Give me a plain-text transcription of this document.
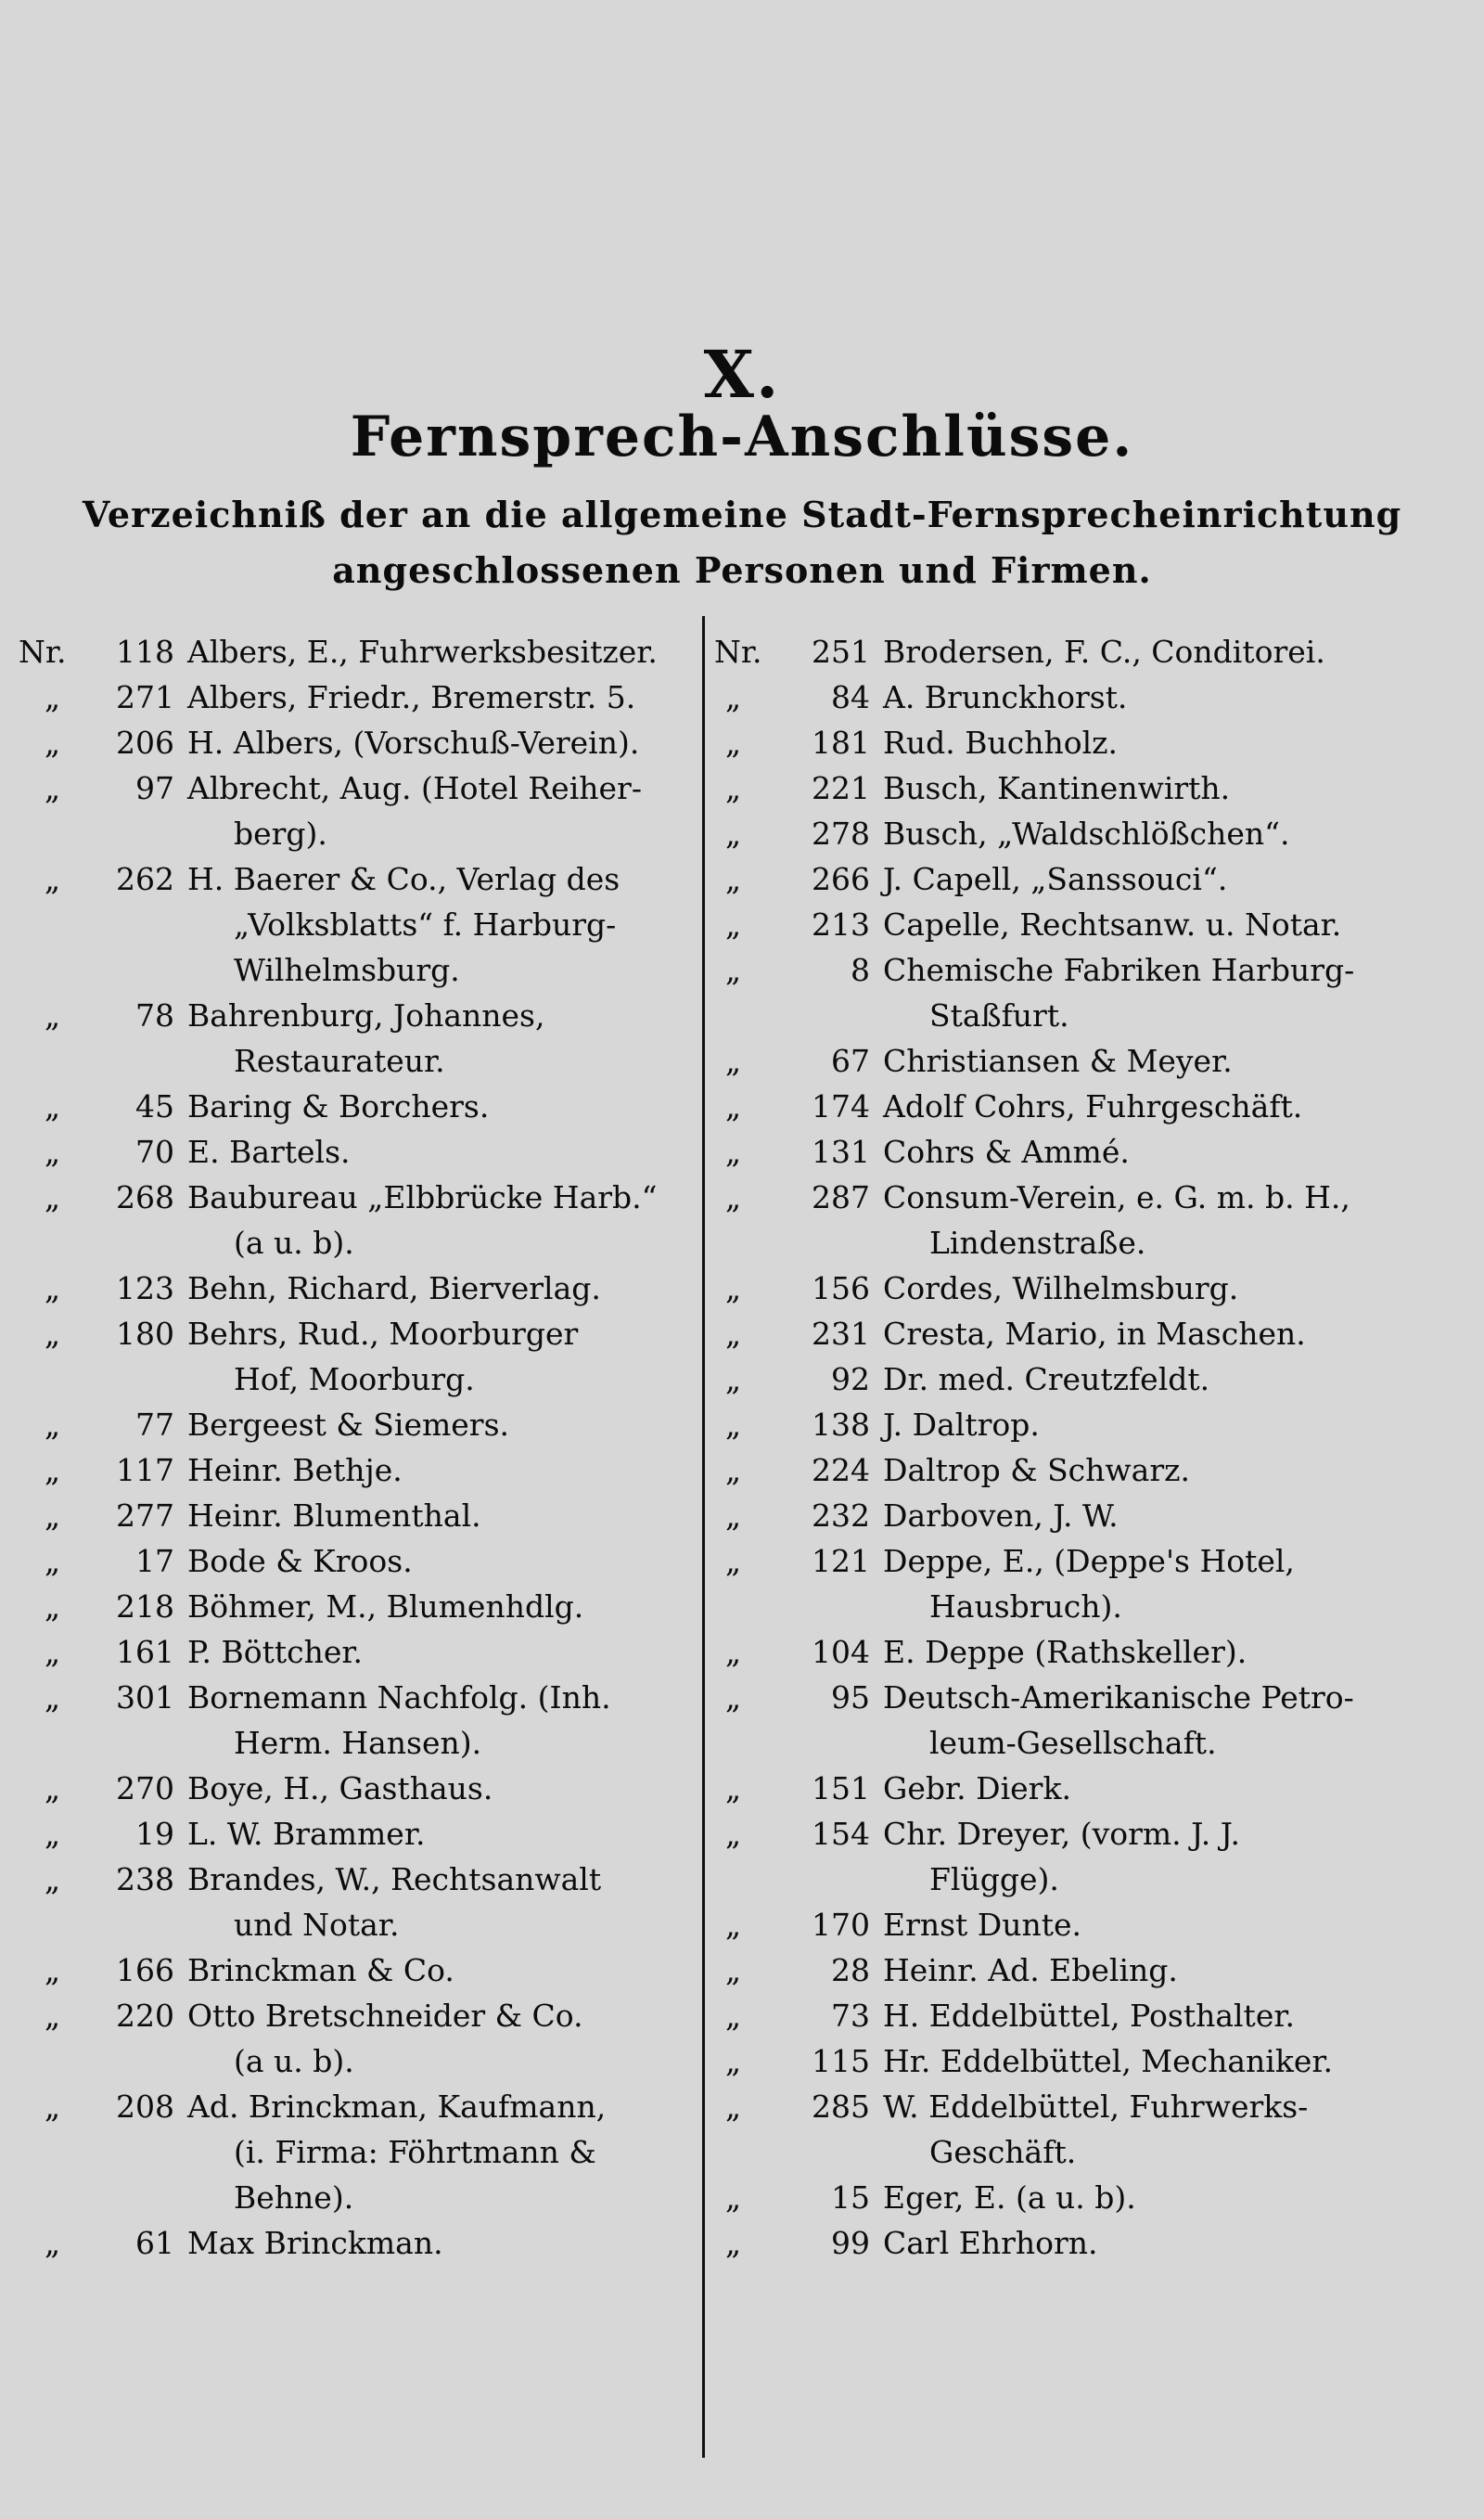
X.
Fernsprech-Anschlüsse.
Verzeichniß der an die allgemeine Stadt-Fernsprecheinrichtung
angeschlossenen Personen und Firmen.
Nr.	118 Albers, E., Fuhrwerksbesitzer.
„	271 Albers, Friedr., Bremerstr. 5.
„	206 H. Albers, (Vorschuß-Verein).
„	97 Albrecht, Aug. (Hotel Reiher-
berg).
„	262 H. Baerer & Co., Verlag des
„Volksblatts“ f. Harburg-
Wilhelmsburg.
„	78 Bahrenburg, Johannes,
Restaurateur.
„	45 Baring & Borchers.
„	70 E. Bartels.
„	268 Baubureau „Elbbrücke Harb.“
(a u. b).
„	123 Behn, Richard, Bierverlag.
„	180 Behrs, Rud., Moorburger
Hof, Moorburg.
„	77 Bergeest & Siemers.
„	117 Heinr. Bethje.
„	277 Heinr. Blumenthal.
„	17 Bode & Kroos.
„	218 Böhmer, M., Blumenhdlg.
„	161 P. Böttcher.
„	301 Bornemann Nachfolg. (Inh.
Herm. Hansen).
„	270 Boye, H., Gasthaus.
„	19 L. W. Brammer.
„	238 Brandes, W., Rechtsanwalt
und Notar.
„	166 Brinckman & Co.
„	220 Otto Bretschneider & Co.
(a u. b).
„	208 Ad. Brinckman, Kaufmann,
(i. Firma: Föhrtmann &
Behne).
„	61 Max Brinckman.
Nr.	251 Brodersen, F. C., Conditorei.
„	84 A. Brunckhorst.
„	181 Rud. Buchholz.
„	221 Busch, Kantinenwirth.
„	278 Busch, „Waldschlößchen“.
„	266 J. Capell, „Sanssouci“.
„	213 Capelle, Rechtsanw. u. Notar.
„	8 Chemische Fabriken Harburg-
Staßfurt.
„	67 Christiansen & Meyer.
„	174 Adolf Cohrs, Fuhrgeschäft.
„	131 Cohrs & Ammé.
„	287 Consum-Verein, e. G. m. b. H.,
Lindenstraße.
„	156 Cordes, Wilhelmsburg.
„	231 Cresta, Mario, in Maschen.
„	92 Dr. med. Creutzfeldt.
„	138 J. Daltrop.
„	224 Daltrop & Schwarz.
„	232 Darboven, J. W.
„	121 Deppe, E., (Deppe's Hotel,
Hausbruch).
„	104 E. Deppe (Rathskeller).
„	95 Deutsch-Amerikanische Petro-
leum-Gesellschaft.
„	151 Gebr. Dierk.
„	154 Chr. Dreyer, (vorm. J. J.
Flügge).
„	170 Ernst Dunte.
„	28 Heinr. Ad. Ebeling.
„	73 H. Eddelbüttel, Posthalter.
„	115 Hr. Eddelbüttel, Mechaniker.
„	285 W. Eddelbüttel, Fuhrwerks-
Geschäft.
„	15 Eger, E. (a u. b).
„	99 Carl Ehrhorn.
